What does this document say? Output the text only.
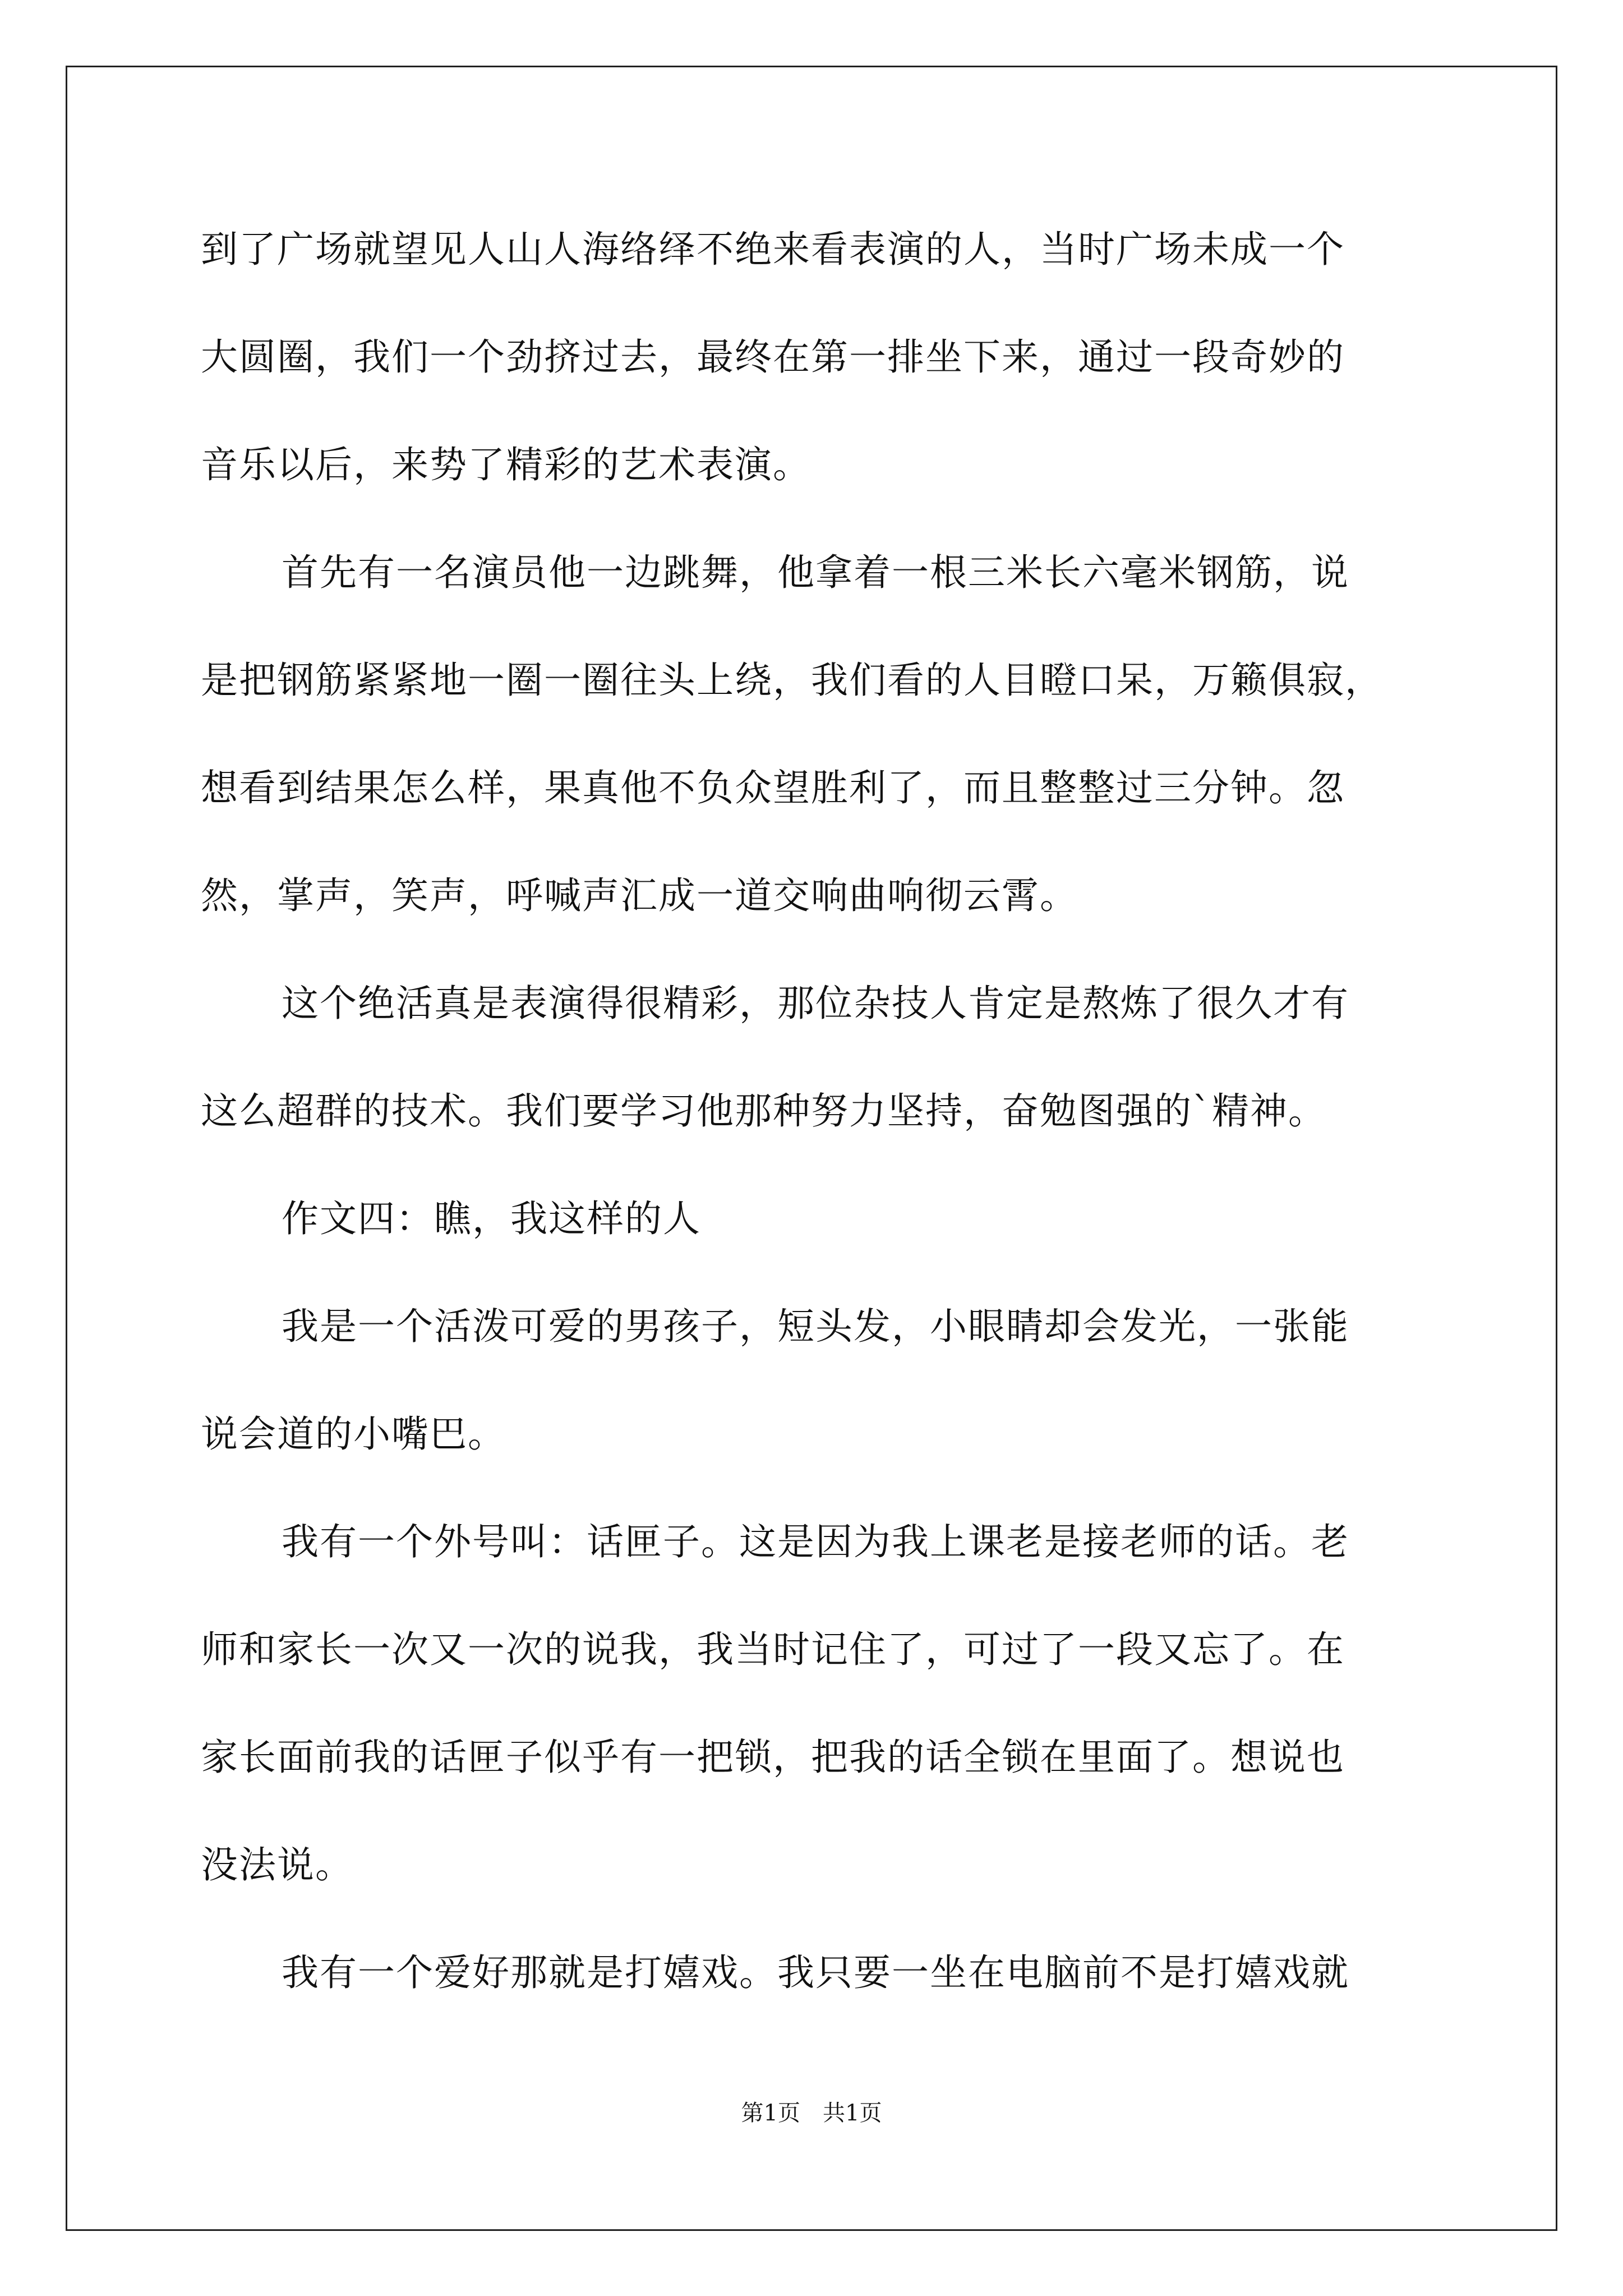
到了广场就望见人山人海络绎不绝来看表演的人，当时广场未成一个
大圆圈，我们一个劲挤过去，最终在第一排坐下来，通过一段奇妙的
音乐以后，来势了精彩的艺术表演。
首先有一名演员他一边跳舞，他拿着一根三米长六毫米钢筋，说
是把钢筋紧紧地一圈一圈往头上绕，我们看的人目瞪口呆，万籁俱寂，
想看到结果怎么样，果真他不负众望胜利了，而且整整过三分钟。忽
然，掌声，笑声，呼喊声汇成一道交响曲响彻云霄。
这个绝活真是表演得很精彩，那位杂技人肯定是熬炼了很久才有
这么超群的技术。我们要学习他那种努力坚持，奋勉图强的`精神。
作文四：瞧，我这样的人
我是一个活泼可爱的男孩子，短头发，小眼睛却会发光，一张能
说会道的小嘴巴。
我有一个外号叫：话匣子。这是因为我上课老是接老师的话。老
师和家长一次又一次的说我，我当时记住了，可过了一段又忘了。在
家长面前我的话匣子似乎有一把锁，把我的话全锁在里面了。想说也
没法说。
我有一个爱好那就是打嬉戏。我只要一坐在电脑前不是打嬉戏就
第1页　共1页
